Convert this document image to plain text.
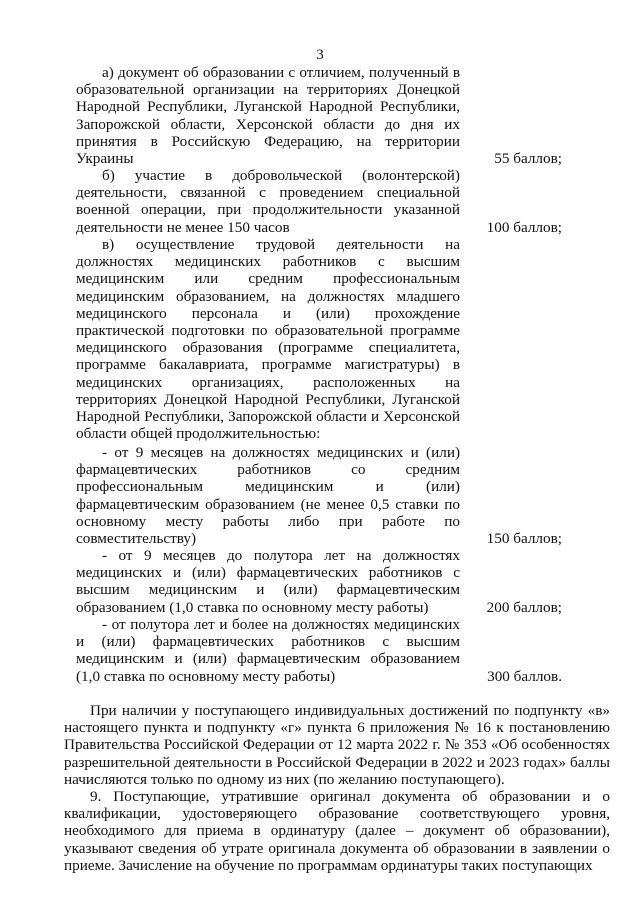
3

а) документ об образовании с отличием, полученный в образовательной организации на территориях Донецкой Народной Республики, Луганской Народной Республики, Запорожской области, Херсонской области до дня их принятия в Российскую Федерацию, на территории Украины	55 баллов;

б) участие в добровольческой (волонтерской) деятельности, связанной с проведением специальной военной операции, при продолжительности указанной деятельности не менее 150 часов	100 баллов;

в) осуществление трудовой деятельности на должностях медицинских работников с высшим медицинским или средним профессиональным медицинским образованием, на должностях младшего медицинского персонала и (или) прохождение практической подготовки по образовательной программе медицинского образования (программе специалитета, программе бакалавриата, программе магистратуры) в медицинских организациях, расположенных на территориях Донецкой Народной Республики, Луганской Народной Республики, Запорожской области и Херсонской области общей продолжительностью:

- от 9 месяцев на должностях медицинских и (или) фармацевтических работников со средним профессиональным медицинским и (или) фармацевтическим образованием (не менее 0,5 ставки по основному месту работы либо при работе по совместительству)	150 баллов;

- от 9 месяцев до полутора лет на должностях медицинских и (или) фармацевтических работников с высшим медицинским и (или) фармацевтическим образованием (1,0 ставка по основному месту работы)	200 баллов;

- от полутора лет и более на должностях медицинских и (или) фармацевтических работников с высшим медицинским и (или) фармацевтическим образованием (1,0 ставка по основному месту работы)	300 баллов.

При наличии у поступающего индивидуальных достижений по подпункту «в» настоящего пункта и подпункту «г» пункта 6 приложения № 16 к постановлению Правительства Российской Федерации от 12 марта 2022 г. № 353 «Об особенностях разрешительной деятельности в Российской Федерации в 2022 и 2023 годах» баллы начисляются только по одному из них (по желанию поступающего).

9. Поступающие, утратившие оригинал документа об образовании и о квалификации, удостоверяющего образование соответствующего уровня, необходимого для приема в ординатуру (далее – документ об образовании), указывают сведения об утрате оригинала документа об образовании в заявлении о приеме. Зачисление на обучение по программам ординатуры таких поступающих
